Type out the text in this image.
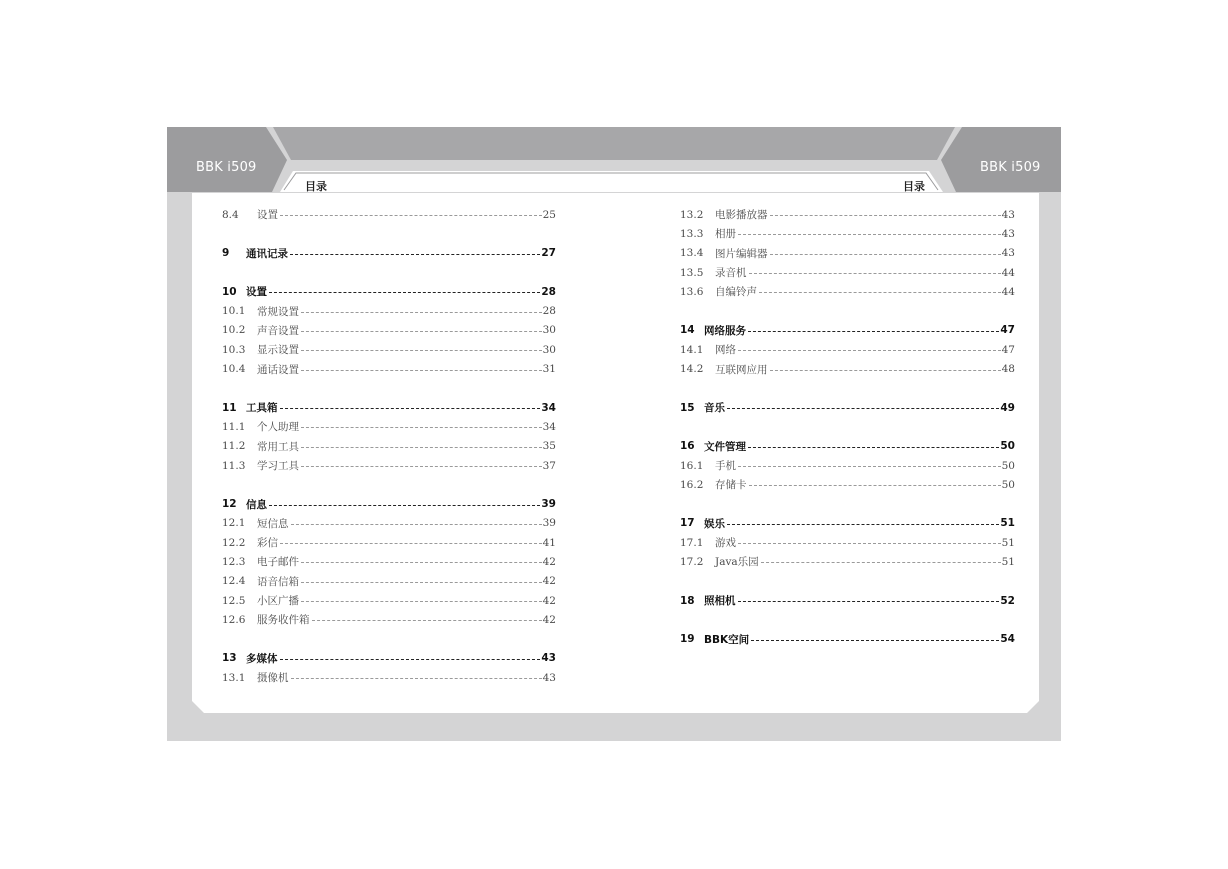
BBK i509	BBK i509
目录	目录
8.4	设置	25
9	通讯记录	27
10 设置	28
10.1	常规设置	28
10.2	声音设置	30
10.3	显示设置	30
10.4	通话设置	31
11 工具箱	34
11.1	个人助理	34
11.2	常用工具	35
11.3	学习工具	37
12 信息	39
12.1	短信息	39
12.2	彩信	41
12.3	电子邮件	42
12.4	语音信箱	42
12.5	小区广播	42
12.6	服务收件箱	42
13 多媒体	43
13.1	摄像机	43
13.2	电影播放器	43
13.3	相册	43
13.4	图片编辑器	43
13.5	录音机	44
13.6	自编铃声	44
14 网络服务	47
14.1	网络	47
14.2	互联网应用	48
15 音乐	49
16 文件管理	50
16.1	手机	50
16.2	存储卡	50
17 娱乐	51
17.1	游戏	51
17.2	Java乐园	51
18 照相机	52
19 BBK空间	54
